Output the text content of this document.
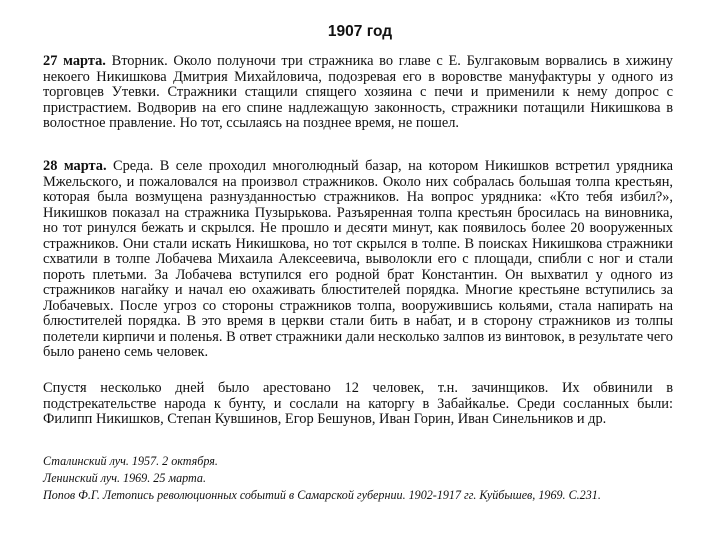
1907 год

27 марта. Вторник. Около полуночи три стражника во главе с Е. Булгаковым ворвались в хижину некоего Никишкова Дмитрия Михайловича, подозревая его в воровстве мануфактуры у одного из торговцев Утевки. Стражники стащили спящего хозяина с печи и применили к нему допрос с пристрастием. Водворив на его спине надлежащую законность, стражники потащили Никишкова в волостное правление. Но тот, ссылаясь на позднее время, не пошел.

28 марта. Среда. В селе проходил многолюдный базар, на котором Никишков встретил урядника Мжельского, и пожаловался на произвол стражников. Около них собралась большая толпа крестьян, которая была возмущена разнузданностью стражников. На вопрос урядника: «Кто тебя избил?», Никишков показал на стражника Пузырькова. Разъяренная толпа крестьян бросилась на виновника, но тот ринулся бежать и скрылся. Не прошло и десяти минут, как появилось более 20 вооруженных стражников. Они стали искать Никишкова, но тот скрылся в толпе. В поисках Никишкова стражники схватили в толпе Лобачева Михаила Алексеевича, выволокли его с площади, спибли с ног и стали пороть плетьми. За Лобачева вступился его родной брат Константин. Он выхватил у одного из стражников нагайку и начал ею охаживать блюстителей порядка. Многие крестьяне вступились за Лобачевых. После угроз со стороны стражников толпа, вооружившись кольями, стала напирать на блюстителей порядка. В это время в церкви стали бить в набат, и в сторону стражников из толпы полетели кирпичи и поленья. В ответ стражники дали несколько залпов из винтовок, в результате чего было ранено семь человек.

Спустя несколько дней было арестовано 12 человек, т.н. зачинщиков. Их обвинили в подстрекательстве народа к бунту, и сослали на каторгу в Забайкалье. Среди сосланных были: Филипп Никишков, Степан Кувшинов, Егор Бешунов, Иван Горин, Иван Синельников и др.

Сталинский луч. 1957. 2 октября.

Ленинский луч. 1969. 25 марта.

Попов Ф.Г. Летопись революционных событий в Самарской губернии. 1902-1917 гг. Куйбышев, 1969. С.231.
